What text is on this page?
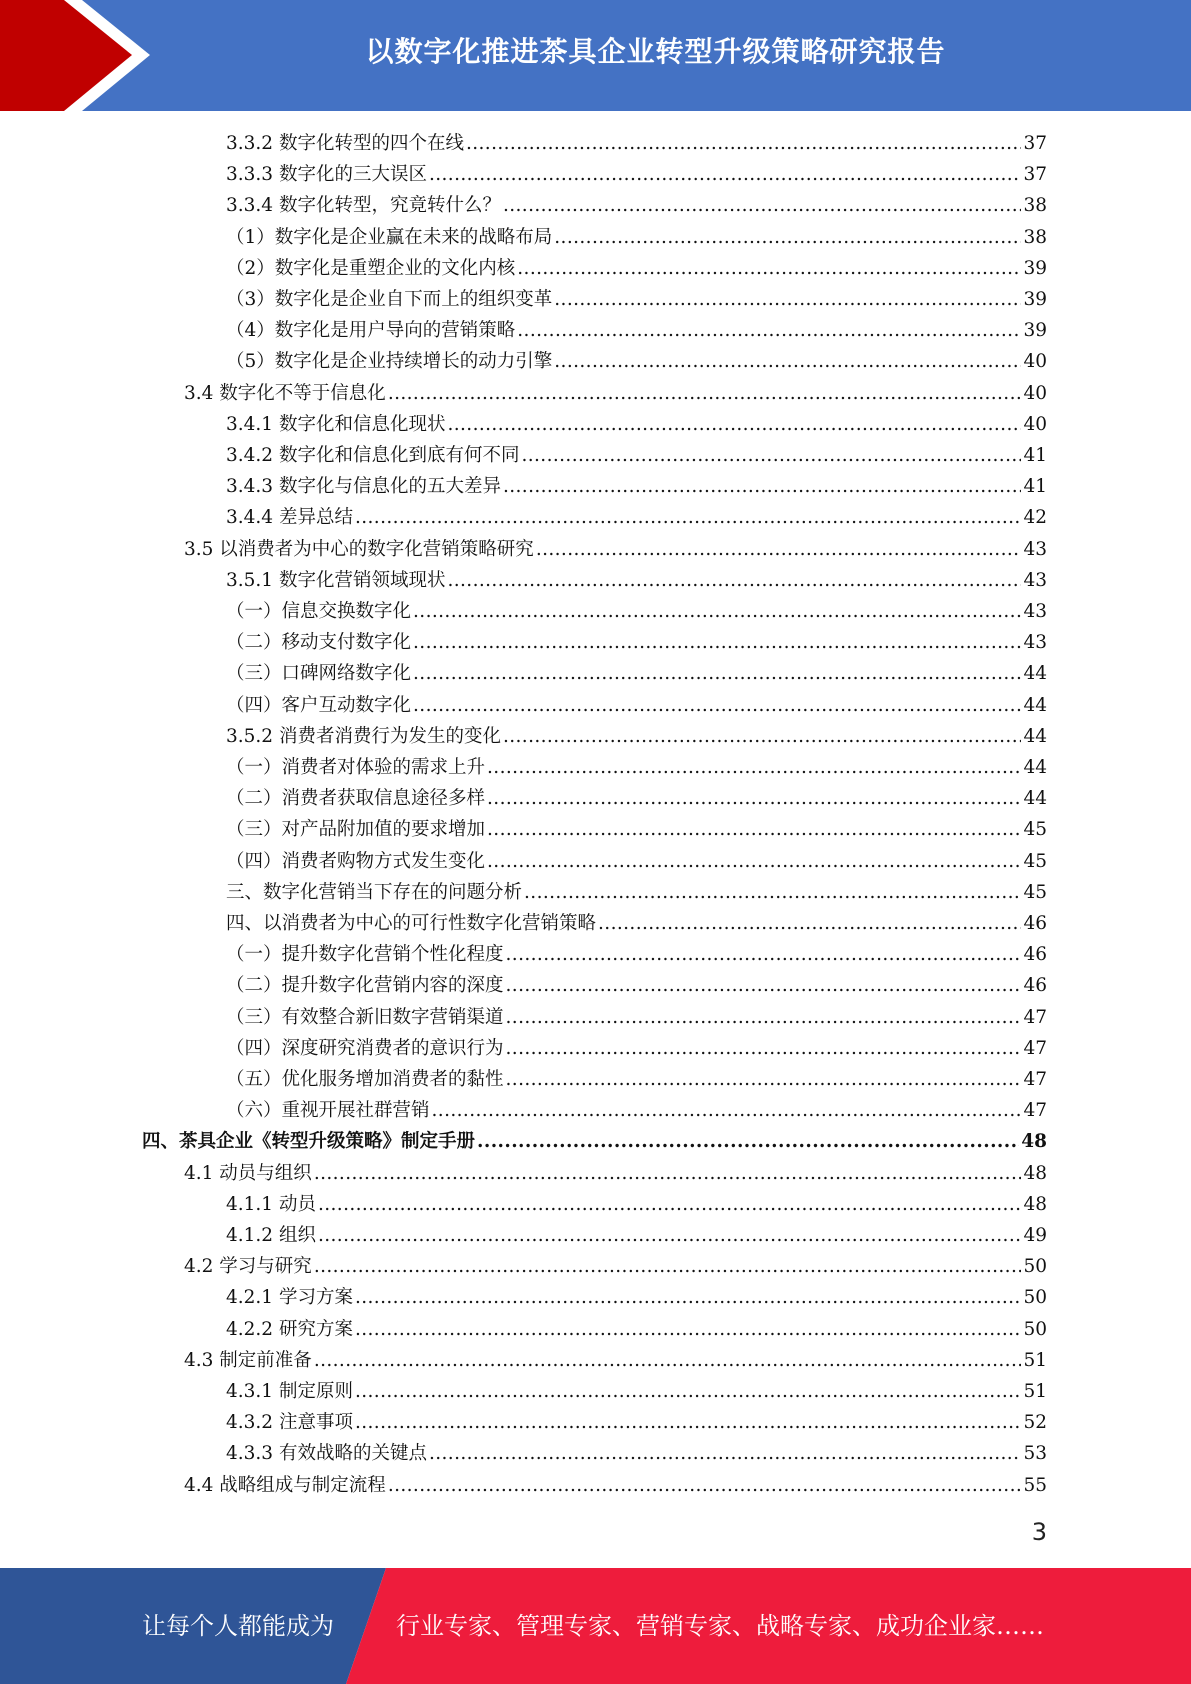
以数字化推进茶具企业转型升级策略研究报告
3.3.2 数字化转型的四个在线 .....	37
3.3.3 数字化的三大误区 .....	37
3.3.4 数字化转型，究竟转什么？ .....	38
（1）数字化是企业赢在未来的战略布局 .....	38
（2）数字化是重塑企业的文化内核 .....	39
（3）数字化是企业自下而上的组织变革 .....	39
（4）数字化是用户导向的营销策略 .....	39
（5）数字化是企业持续增长的动力引擎 .....	40
3.4 数字化不等于信息化 .....	40
3.4.1 数字化和信息化现状 .....	40
3.4.2 数字化和信息化到底有何不同 .....	41
3.4.3 数字化与信息化的五大差异 .....	41
3.4.4 差异总结 .....	42
3.5 以消费者为中心的数字化营销策略研究 .....	43
3.5.1 数字化营销领域现状 .....	43
（一）信息交换数字化 .....	43
（二）移动支付数字化 .....	43
（三）口碑网络数字化 .....	44
（四）客户互动数字化 .....	44
3.5.2 消费者消费行为发生的变化 .....	44
（一）消费者对体验的需求上升 .....	44
（二）消费者获取信息途径多样 .....	44
（三）对产品附加值的要求增加 .....	45
（四）消费者购物方式发生变化 .....	45
三、数字化营销当下存在的问题分析 .....	45
四、以消费者为中心的可行性数字化营销策略 .....	46
（一）提升数字化营销个性化程度 .....	46
（二）提升数字化营销内容的深度 .....	46
（三）有效整合新旧数字营销渠道 .....	47
（四）深度研究消费者的意识行为 .....	47
（五）优化服务增加消费者的黏性 .....	47
（六）重视开展社群营销 .....	47
四、茶具企业《转型升级策略》制定手册 .....	48
4.1 动员与组织 .....	48
4.1.1 动员 .....	48
4.1.2 组织 .....	49
4.2 学习与研究 .....	50
4.2.1 学习方案 .....	50
4.2.2 研究方案 .....	50
4.3 制定前准备 .....	51
4.3.1 制定原则 .....	51
4.3.2 注意事项 .....	52
4.3.3 有效战略的关键点 .....	53
4.4 战略组成与制定流程 .....	55
3
让每个人都能成为	行业专家、管理专家、营销专家、战略专家、成功企业家……
